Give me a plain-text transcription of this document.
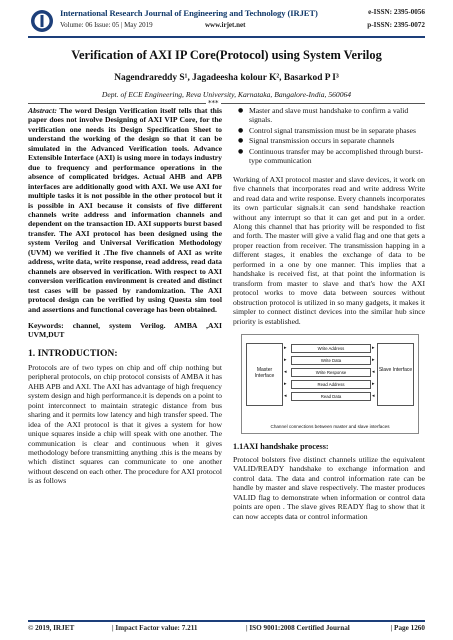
International Research Journal of Engineering and Technology (IRJET)
Volume: 06 Issue: 05 | May 2019	www.irjet.net
e-ISSN: 2395-0056
p-ISSN: 2395-0072
Verification of AXI IP Core(Protocol) using System Verilog
Nagendrareddy S¹, Jagadeesha kolour K², Basarkod P I³
Dept. of ECE Engineering, Reva University, Karnataka, Bangalore-India, 560064
***

Abstract: The word Design Verification itself tells that this paper does not involve Designing of AXI VIP Core, for the verification one needs its Design Specification Sheet to understand the working of the design so that it can be simulated in the Advanced Verification tools. Advance Extensible Interface (AXI) is using more in todays industry due to frequency and performance operations in the absence of complicated bridges. Actual AHB and APB interfaces are additionally good with AXI. We use AXI for multiple tasks it is not possible in the other protocol but it is possible in AXI because it consists of five different channels write address and information channels and dependent on the transaction ID. AXI supports burst based transfer. The AXI protocol has been designed using the system Verilog and Universal Verification Methodology (UVM) we verified it .The five channels of AXI as write address, write data, write response, read address, read data channels are observed in verification. With respect to AXI conversion verification environment is created and distinct test cases will be passed by randomization. The AXI protocol design can be verified by using Questa sim tool and assertions and functional coverage has been obtained.

Keywords: channel, system Verilog. AMBA ,AXI UVM,DUT

1. INTRODUCTION:

Protocols are of two types on chip and off chip nothing but peripheral protocols, on chip protocol consists of AMBA it has AHB APB and AXI. The AXI has advantage of high frequency system design and high performance.it is depends on a point to point interconnect to maintain strategic distance from bus sharing and it permits low latency and high transfer speed. The idea of the AXI protocol is that it gives a system for how unique squares inside a chip will speak with one another. The communication is clear and continuous when it gives methodology before transmitting anything .this is the means by which distinct squares can communicate to one another without descend on each other. The procedure for AXI protocol is as follows

● Master and slave must handshake to confirm a valid signals.
● Control signal transmission must be in separate phases
● Signal transmission occurs in separate channels
● Continuous transfer may be accomplished through burst-type communication

Working of AXI protocol master and slave devices, it work on five channels that incorporates read and write address Write and read data and write response. Every channels incorporates its own particular signals.it can send handshake reaction without any interrupt so that it can get and put in a order. Along this channel that has priority will be responded to fist and forth. The master will give a valid flag and one that gets a proper reaction from receiver. The transmission happing in a different stages, it enables the exchange of data to be performed in a one by one manner. This implies that a handshake is received fist, at that point the information is transform from master to slave and that's how the AXI protocol works to move data between sources without obstruction protocol is utilized in so many gadgets, it makes it simpler to connect distinct devices into the similar hub since priority is established.

Master Interface
Slave Interface
Write Address
Write Data
Write Response
Read Address
Read Data
▸	▸
▸	▸
◂	◂
▸	▸
◂	◂
Channel connections between master and slave interfaces
1.1AXI handshake process:

Protocol bolsters five distinct channels utilize the equivalent VALID/READY handshake to exchange information and control data. The data and control information rate can be handle by master and slave respectively. The master produces VALID flag to demonstrate when information or control data points are open . The slave gives READY flag to show that it can now accepts data or control information

© 2019, IRJET	| Impact Factor value: 7.211	| ISO 9001:2008 Certified Journal	| Page 1260
